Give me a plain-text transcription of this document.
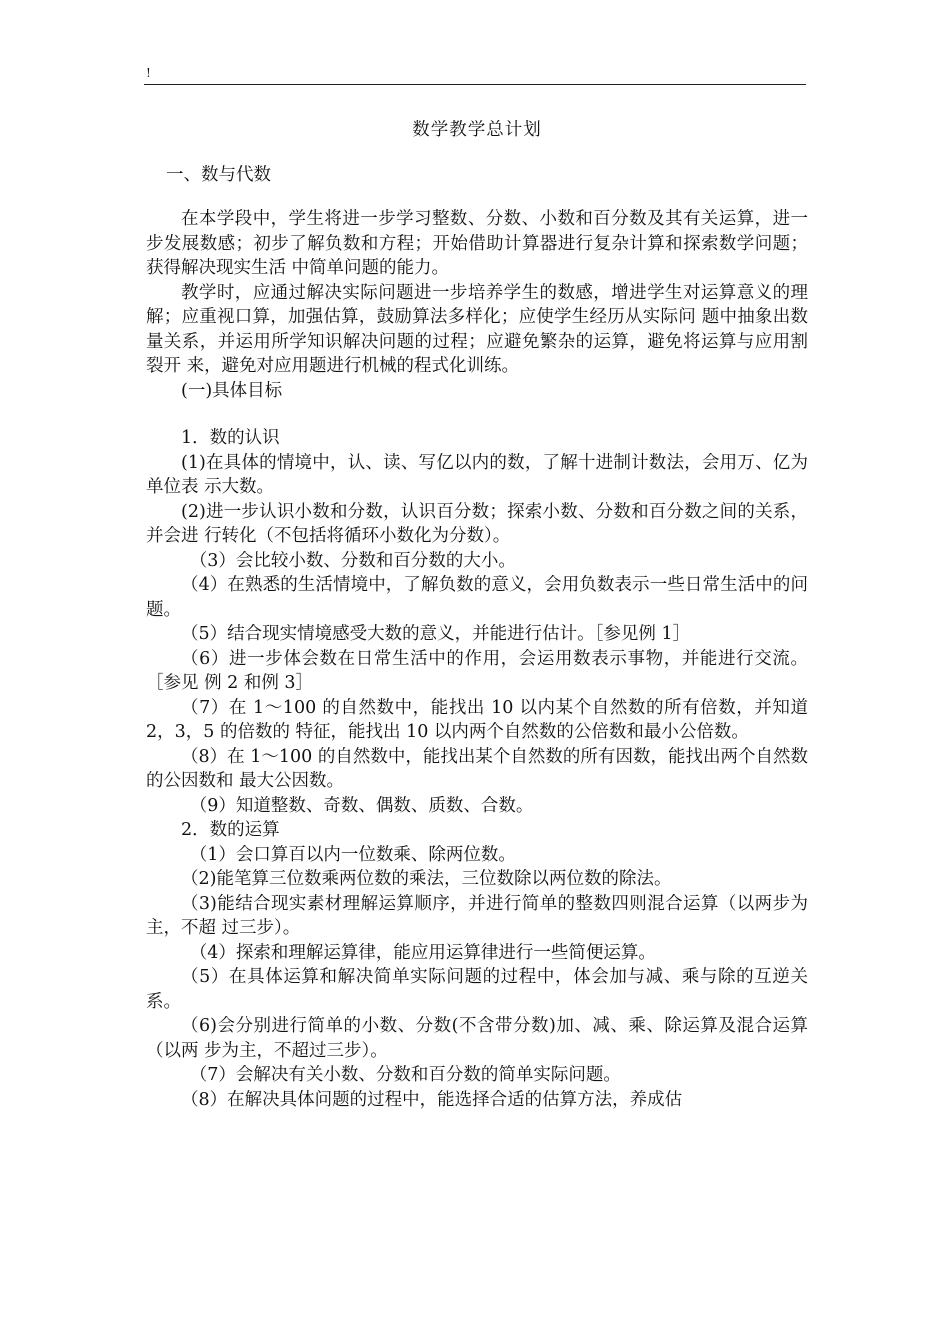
!
数学教学总计划
一、数与代数

在本学段中，学生将进一步学习整数、分数、小数和百分数及其有关运算，进一步发展数感；初步了解负数和方程；开始借助计算器进行复杂计算和探索数学问题；获得解决现实生活 中简单问题的能力。

教学时，应通过解决实际问题进一步培养学生的数感，增进学生对运算意义的理解；应重视口算，加强估算，鼓励算法多样化；应使学生经历从实际问 题中抽象出数量关系，并运用所学知识解决问题的过程；应避免繁杂的运算，避免将运算与应用割裂开 来，避免对应用题进行机械的程式化训练。

(一)具体目标

1．数的认识

(1)在具体的情境中，认、读、写亿以内的数，了解十进制计数法，会用万、亿为单位表 示大数。

(2)进一步认识小数和分数，认识百分数；探索小数、分数和百分数之间的关系，并会进 行转化（不包括将循环小数化为分数）。

（3）会比较小数、分数和百分数的大小。

（4）在熟悉的生活情境中，了解负数的意义，会用负数表示一些日常生活中的问题。

（5）结合现实情境感受大数的意义，并能进行估计。［参见例 1］

（6）进一步体会数在日常生活中的作用，会运用数表示事物，并能进行交流。［参见 例 2 和例 3］

（7）在 1～100 的自然数中，能找出 10 以内某个自然数的所有倍数，并知道 2，3，5 的倍数的 特征，能找出 10 以内两个自然数的公倍数和最小公倍数。

（8）在 1～100 的自然数中，能找出某个自然数的所有因数，能找出两个自然数的公因数和 最大公因数。

（9）知道整数、奇数、偶数、质数、合数。

2．数的运算

（1）会口算百以内一位数乘、除两位数。

（2)能笔算三位数乘两位数的乘法，三位数除以两位数的除法。

（3)能结合现实素材理解运算顺序，并进行简单的整数四则混合运算（以两步为主，不超 过三步）。

（4）探索和理解运算律，能应用运算律进行一些简便运算。

（5）在具体运算和解决简单实际问题的过程中，体会加与减、乘与除的互逆关系。

（6)会分别进行简单的小数、分数(不含带分数)加、减、乘、除运算及混合运算（以两 步为主，不超过三步）。

（7）会解决有关小数、分数和百分数的简单实际问题。

（8）在解决具体问题的过程中，能选择合适的估算方法，养成估
